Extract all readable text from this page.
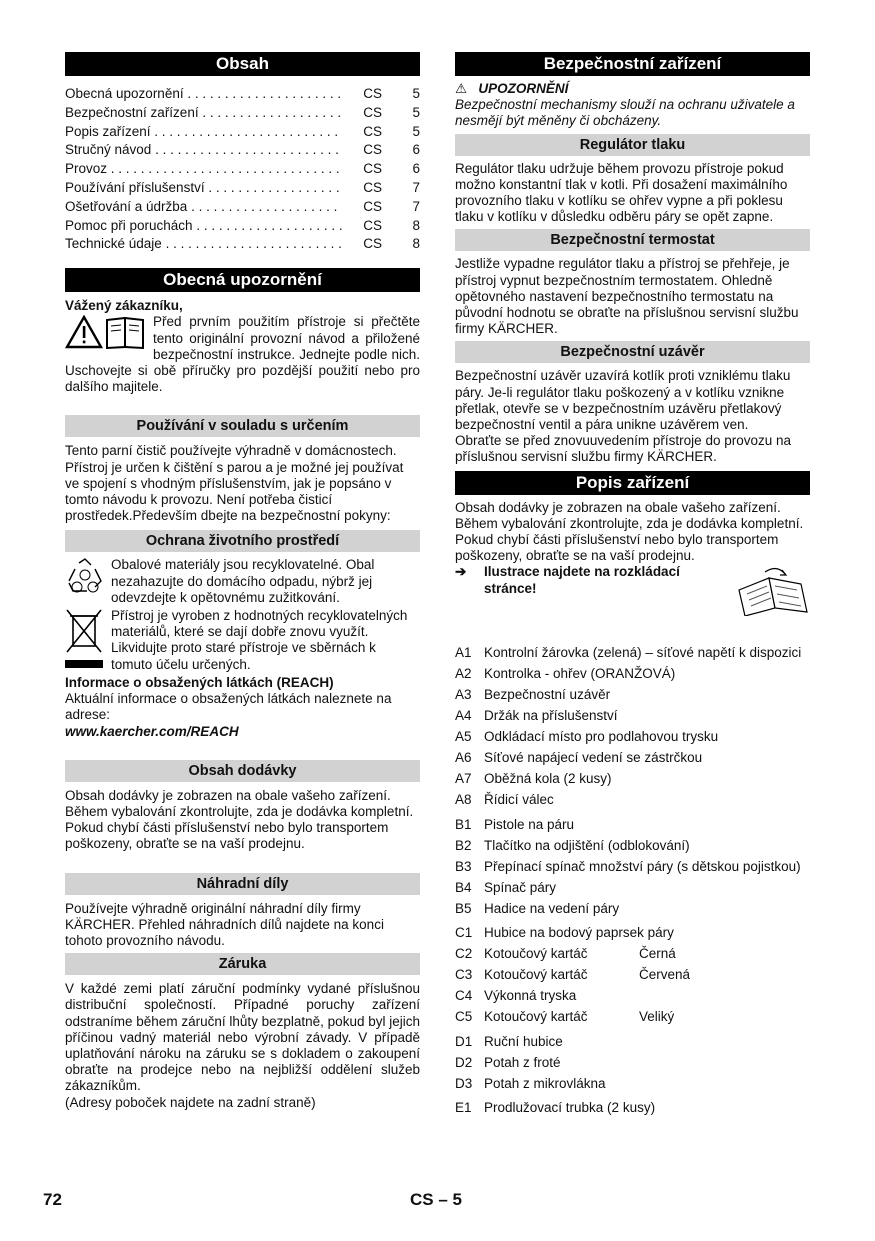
Obsah
Obecná upozornění . . .	CS	5
Bezpečnostní zařízení . . .	CS	5
Popis zařízení . . .	CS	5
Stručný návod . . .	CS	6
Provoz . . .	CS	6
Používání příslušenství . . .	CS	7
Ošetřování a údržba . . .	CS	7
Pomoc při poruchách . . .	CS	8
Technické údaje . . .	CS	8
Obecná upozornění

Vážený zákazníku,

Před prvním použitím přístroje si přečtěte tento originální provozní návod a přiložené bezpečnostní instrukce. Jednejte podle nich. Uschovejte si obě příručky pro pozdější použití nebo pro dalšího majitele.

Používání v souladu s určením

Tento parní čistič používejte výhradně v domácnostech. Přístroj je určen k čištění s parou a je možné jej používat ve spojení s vhodným příslušenstvím, jak je popsáno v tomto návodu k provozu. Není potřeba čisticí prostředek.Především dbejte na bezpečnostní pokyny:

Ochrana životního prostředí

Obalové materiály jsou recyklovatelné. Obal nezahazujte do domácího odpadu, nýbrž jej odevzdejte k opětovnému zužitkování.

Přístroj je vyroben z hodnotných recyklovatelných materiálů, které se dají dobře znovu využít. Likvidujte proto staré přístroje ve sběrnách k tomuto účelu určených.

Informace o obsažených látkách (REACH)

Aktuální informace o obsažených látkách naleznete na adrese:

www.kaercher.com/REACH

Obsah dodávky

Obsah dodávky je zobrazen na obale vašeho zařízení. Během vybalování zkontrolujte, zda je dodávka kompletní.

Pokud chybí části příslušenství nebo bylo transportem poškozeny, obraťte se na vaší prodejnu.

Náhradní díly

Používejte výhradně originální náhradní díly firmy KÄRCHER. Přehled náhradních dílů najdete na konci tohoto provozního návodu.

Záruka

V každé zemi platí záruční podmínky vydané příslušnou distribuční společností. Případné poruchy zařízení odstraníme během záruční lhůty bezplatně, pokud byl jejich příčinou vadný materiál nebo výrobní závady. V případě uplatňování nároku na záruku se s dokladem o zakoupení obraťte na prodejce nebo na nejbližší oddělení služeb zákazníkům.

(Adresy poboček najdete na zadní straně)

Bezpečnostní zařízení

⚠ UPOZORNĚNÍ

Bezpečnostní mechanismy slouží na ochranu uživatele a nesmějí být měněny či obcházeny.

Regulátor tlaku

Regulátor tlaku udržuje během provozu přístroje pokud možno konstantní tlak v kotli. Při dosažení maximálního provozního tlaku v kotlíku se ohřev vypne a při poklesu tlaku v kotlíku v důsledku odběru páry se opět zapne.

Bezpečnostní termostat

Jestliže vypadne regulátor tlaku a přístroj se přehřeje, je přístroj vypnut bezpečnostním termostatem. Ohledně opětovného nastavení bezpečnostního termostatu na původní hodnotu se obraťte na příslušnou servisní službu firmy KÄRCHER.

Bezpečnostní uzávěr

Bezpečnostní uzávěr uzavírá kotlík proti vzniklému tlaku páry. Je-li regulátor tlaku poškozený a v kotlíku vznikne přetlak, otevře se v bezpečnostním uzávěru přetlakový bezpečnostní ventil a pára unikne uzávěrem ven.

Obraťte se před znovuuvedením přístroje do provozu na příslušnou servisní službu firmy KÄRCHER.

Popis zařízení

Obsah dodávky je zobrazen na obale vašeho zařízení. Během vybalování zkontrolujte, zda je dodávka kompletní.

Pokud chybí části příslušenství nebo bylo transportem poškozeny, obraťte se na vaší prodejnu.

➔ Ilustrace najdete na rozkládací stránce!

A1 Kontrolní žárovka (zelená) – síťové napětí k dispozici
A2 Kontrolka - ohřev (ORANŽOVÁ)
A3 Bezpečnostní uzávěr
A4 Držák na příslušenství
A5 Odkládací místo pro podlahovou trysku
A6 Síťové napájecí vedení se zástrčkou
A7 Oběžná kola (2 kusy)
A8 Řídicí válec
B1 Pistole na páru
B2 Tlačítko na odjištění (odblokování)
B3 Přepínací spínač množství páry (s dětskou pojistkou)
B4 Spínač páry
B5 Hadice na vedení páry
C1 Hubice na bodový paprsek páry
C2 Kotoučový kartáč	Černá
C3 Kotoučový kartáč	Červená
C4 Výkonná tryska
C5 Kotoučový kartáč	Veliký
D1 Ruční hubice
D2 Potah z froté
D3 Potah z mikrovlákna
E1 Prodlužovací trubka (2 kusy)
72	CS – 5
